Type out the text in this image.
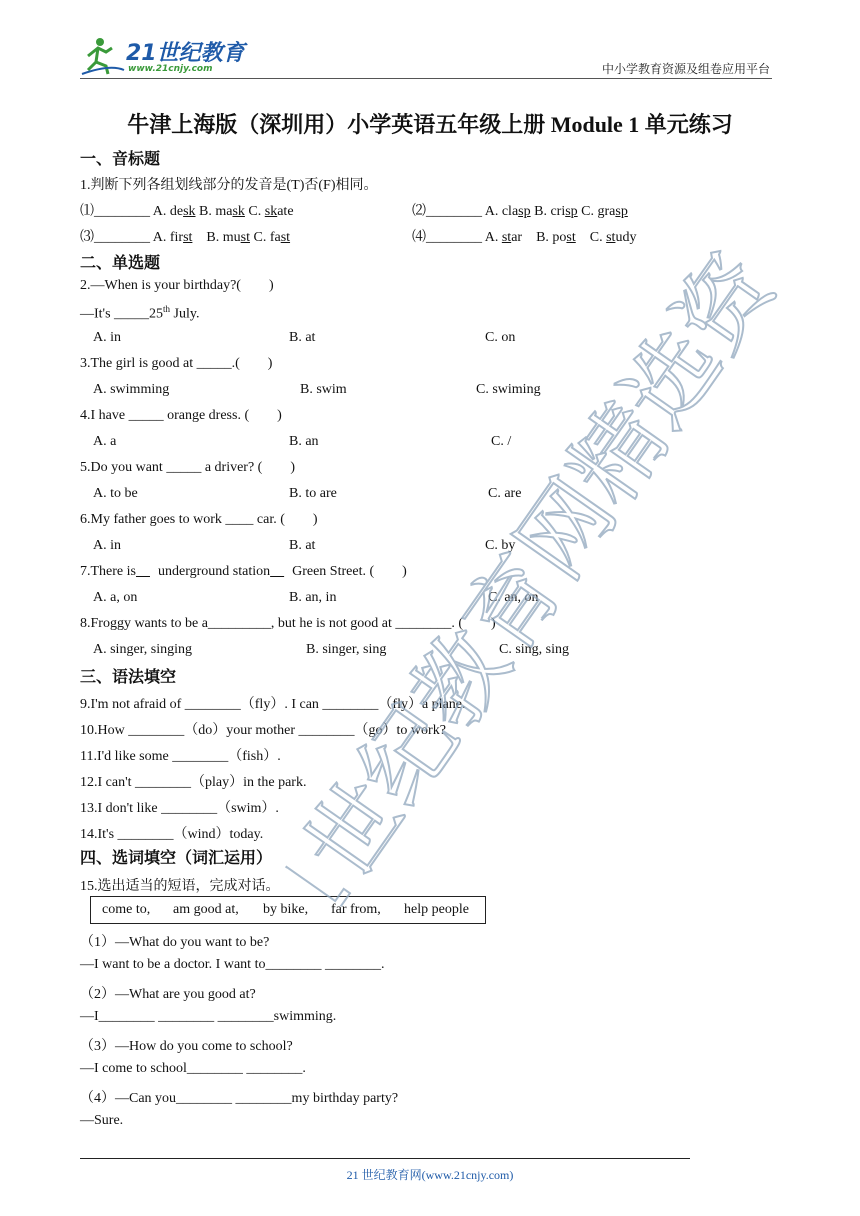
21世纪教育
www.21cnjy.com	中小学教育资源及组卷应用平台
牛津上海版（深圳用）小学英语五年级上册 Module 1 单元练习
一、音标题
1.判断下列各组划线部分的发音是(T)否(F)相同。
⑴________ A. desk B. mask C. skate	⑵________ A. clasp B. crisp C. grasp
⑶________ A. first    B. must C. fast	⑷________ A. star    B. post    C. study
二、单选题
2.—When is your birthday?(        )
—It's _____25th July.
A. in	B. at	C. on
3.The girl is good at _____.(        )
A. swimming	B. swim	C. swiming
4.I have _____ orange dress. (        )
A. a	B. an	C. /
5.Do you want _____ a driver? (        )
A. to be	B. to are	C. are
6.My father goes to work ____ car. (        )
A. in	B. at	C. by
7.There is underground station Green Street. (        )
A. a, on	B. an, in	C. an, on
8.Froggy wants to be a_________, but he is not good at ________. (        )
A. singer, singing	B. singer, sing	C. sing, sing
三、语法填空
9.I'm not afraid of ________（fly）. I can ________（fly）a plane.
10.How ________（do）your mother ________（go）to work?
11.I'd like some ________（fish）.
12.I can't ________（play）in the park.
13.I don't like ________（swim）.
14.It's ________（wind）today.
四、选词填空（词汇运用）
15.选出适当的短语，完成对话。
come to, am good at, by bike, far from, help people
（1）—What do you want to be?
—I want to be a doctor. I want to________ ________.
（2）—What are you good at?
—I________ ________ ________swimming.
（3）—How do you come to school?
—I come to school________ ________.
（4）—Can you________ ________my birthday party?
—Sure.
21 世纪教育网(www.21cnjy.com)
21世纪教育网精选资料
